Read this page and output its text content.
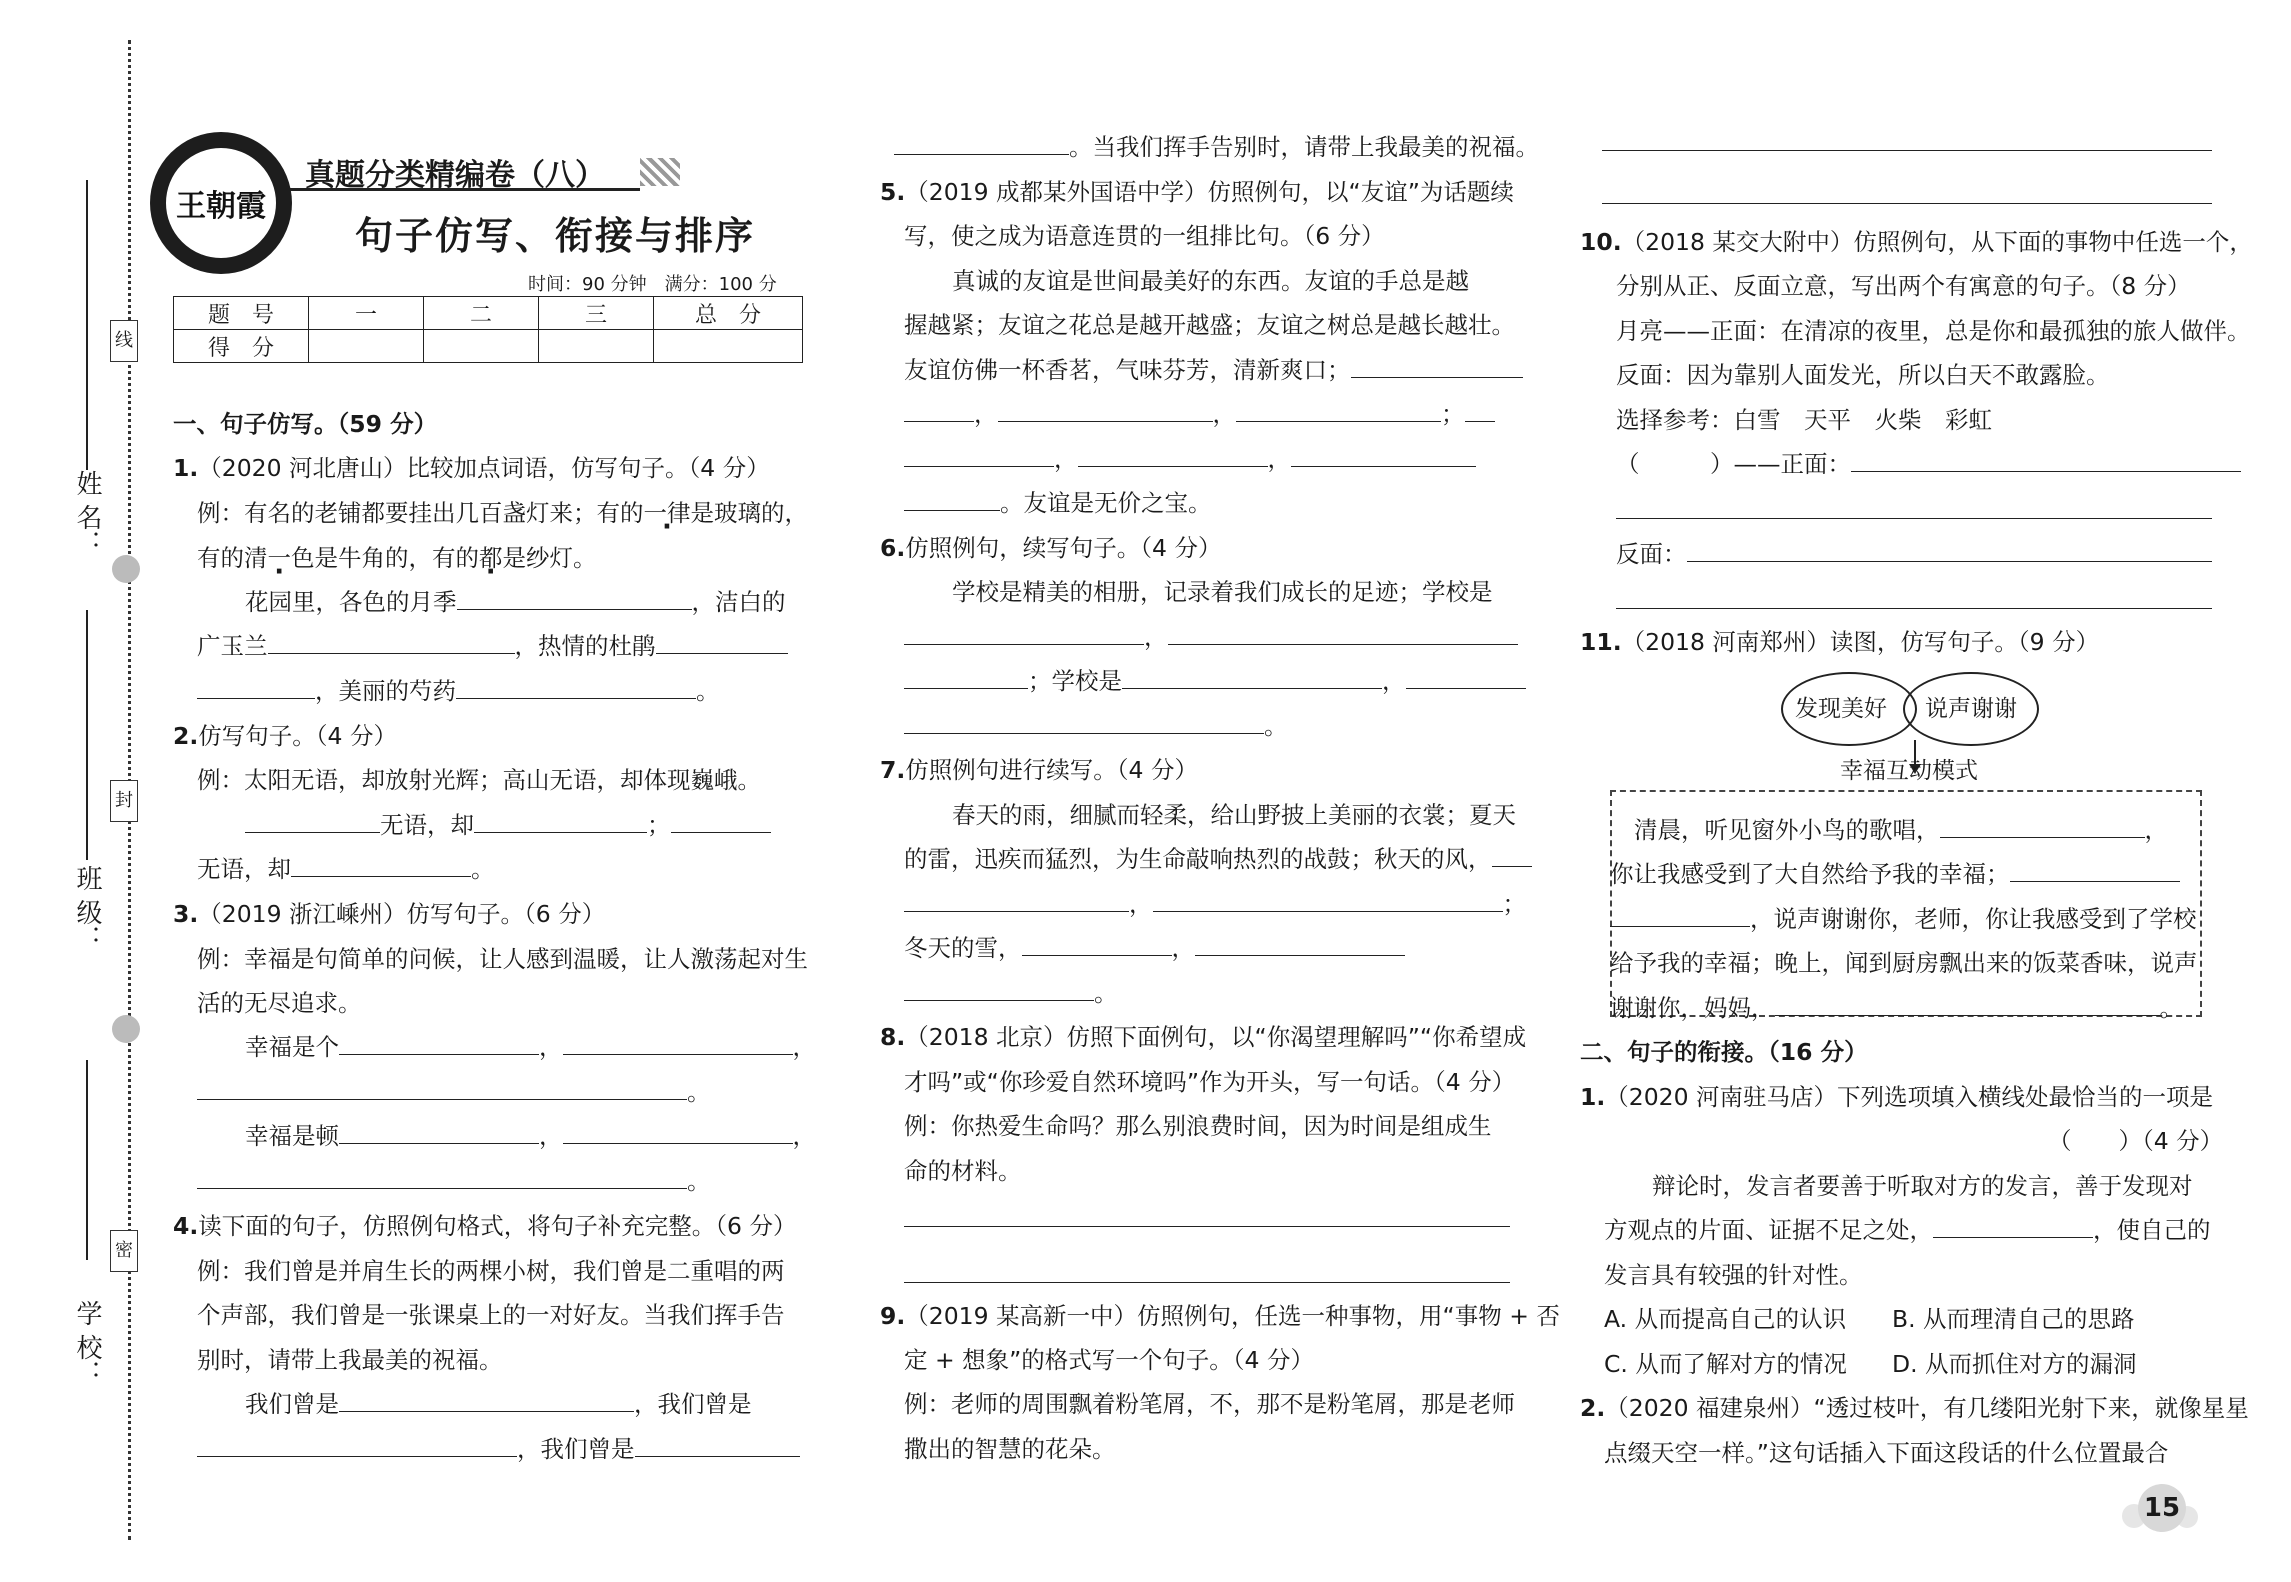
姓 名：
班 级：
学 校：
线
封
密
王朝霞
真题分类精编卷（八）
句子仿写、衔接与排序
时间：90 分钟　满分：100 分
题　号	一	二	三	总　分
得　分				
一、句子仿写。（59 分）
1.（2020 河北唐山）比较加点词语，仿写句子。（4 分）
例：有名的老铺都要挂出几百盏灯来；有的一律是玻璃的，
有的清一色是牛角的，有的都是纱灯。
花园里，各色的月季	，洁白的
广玉兰	，热情的杜鹃
，美丽的芍药	。
2.仿写句子。（4 分）
例：太阳无语，却放射光辉；高山无语，却体现巍峨。
无语，却	；
无语，却	。
3.（2019 浙江嵊州）仿写句子。（6 分）
例：幸福是句简单的问候，让人感到温暖，让人激荡起对生
活的无尽追求。
幸福是个	，	，
。
幸福是顿	，	，
。
4.读下面的句子，仿照例句格式，将句子补充完整。（6 分）
例：我们曾是并肩生长的两棵小树，我们曾是二重唱的两
个声部，我们曾是一张课桌上的一对好友。当我们挥手告
别时，请带上我最美的祝福。
我们曾是	，我们曾是
，我们曾是
。当我们挥手告别时，请带上我最美的祝福。
5.（2019 成都某外国语中学）仿照例句，以“友谊”为话题续
写，使之成为语意连贯的一组排比句。（6 分）
真诚的友谊是世间最美好的东西。友谊的手总是越
握越紧；友谊之花总是越开越盛；友谊之树总是越长越壮。
友谊仿佛一杯香茗，气味芬芳，清新爽口；
，	，	；
，	，
。友谊是无价之宝。
6.仿照例句，续写句子。（4 分）
学校是精美的相册，记录着我们成长的足迹；学校是
，
；学校是	，
。
7.仿照例句进行续写。（4 分）
春天的雨，细腻而轻柔，给山野披上美丽的衣裳；夏天
的雷，迅疾而猛烈，为生命敲响热烈的战鼓；秋天的风，
，	；
冬天的雪，	，
。
8.（2018 北京）仿照下面例句，以“你渴望理解吗”“你希望成
才吗”或“你珍爱自然环境吗”作为开头，写一句话。（4 分）
例：你热爱生命吗？那么别浪费时间，因为时间是组成生
命的材料。
9.（2019 某高新一中）仿照例句，任选一种事物，用“事物 + 否
定 + 想象”的格式写一个句子。（4 分）
例：老师的周围飘着粉笔屑，不，那不是粉笔屑，那是老师
撒出的智慧的花朵。
10.（2018 某交大附中）仿照例句，从下面的事物中任选一个，
分别从正、反面立意，写出两个有寓意的句子。（8 分）
月亮——正面：在清凉的夜里，总是你和最孤独的旅人做伴。
反面：因为靠别人面发光，所以白天不敢露脸。
选择参考：白雪　天平　火柴　彩虹
（　　　）——正面：
反面：
11.（2018 河南郑州）读图，仿写句子。（9 分）
发现美好 说声谢谢
幸福互动模式
清晨，听见窗外小鸟的歌唱，	，
你让我感受到了大自然给予我的幸福；
，说声谢谢你，老师，你让我感受到了学校
给予我的幸福；晚上，闻到厨房飘出来的饭菜香味，说声
谢谢你，妈妈，	。
二、句子的衔接。（16 分）
1.（2020 河南驻马店）下列选项填入横线处最恰当的一项是
（　　）（4 分）
辩论时，发言者要善于听取对方的发言，善于发现对
方观点的片面、证据不足之处，	，使自己的
发言具有较强的针对性。
A. 从而提高自己的认识 B. 从而理清自己的思路
C. 从而了解对方的情况 D. 从而抓住对方的漏洞
2.（2020 福建泉州）“透过枝叶，有几缕阳光射下来，就像星星
点缀天空一样。”这句话插入下面这段话的什么位置最合
15
